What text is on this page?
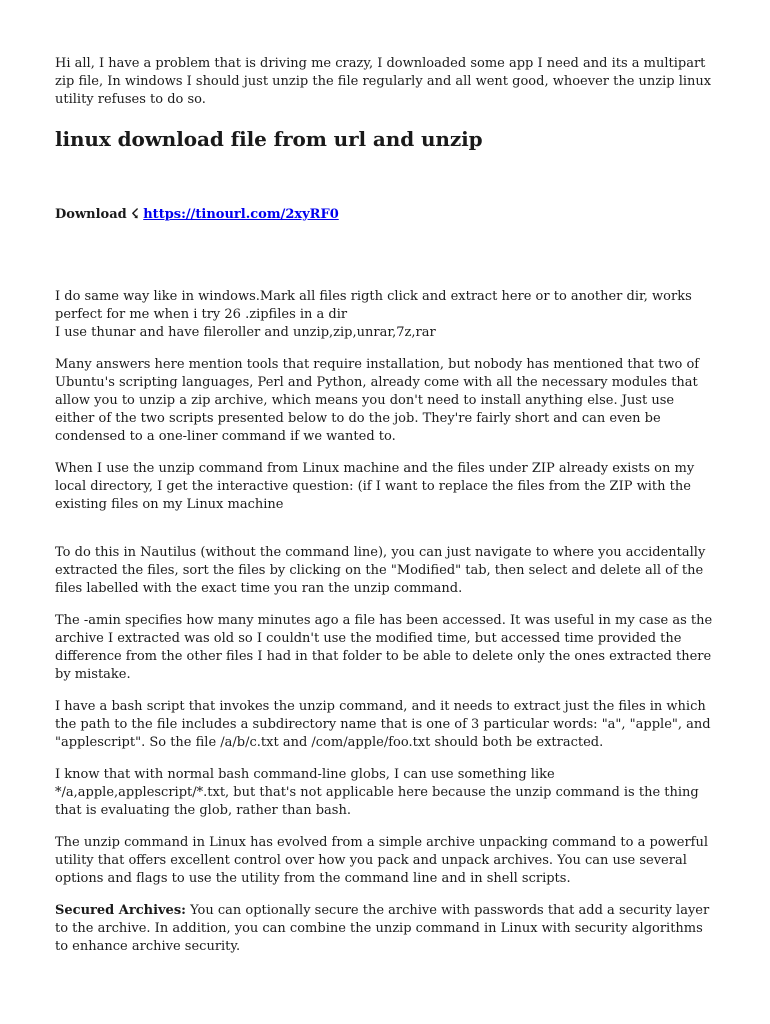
Hi all, I have a problem that is driving me crazy, I downloaded some app I need and its a multipart zip file, In windows I should just unzip the file regularly and all went good, whoever the unzip linux utility refuses to do so.

linux download file from url and unzip

Download ☇ https://tinourl.com/2xyRF0

I do same way like in windows.Mark all files rigth click and extract here or to another dir, works perfect for me when i try 26 .zipfiles in a dir
I use thunar and have fileroller and unzip,zip,unrar,7z,rar

Many answers here mention tools that require installation, but nobody has mentioned that two of Ubuntu's scripting languages, Perl and Python, already come with all the necessary modules that allow you to unzip a zip archive, which means you don't need to install anything else. Just use either of the two scripts presented below to do the job. They're fairly short and can even be condensed to a one-liner command if we wanted to.

When I use the unzip command from Linux machine and the files under ZIP already exists on my local directory, I get the interactive question: (if I want to replace the files from the ZIP with the existing files on my Linux machine

To do this in Nautilus (without the command line), you can just navigate to where you accidentally extracted the files, sort the files by clicking on the "Modified" tab, then select and delete all of the files labelled with the exact time you ran the unzip command.

The -amin specifies how many minutes ago a file has been accessed. It was useful in my case as the archive I extracted was old so I couldn't use the modified time, but accessed time provided the difference from the other files I had in that folder to be able to delete only the ones extracted there by mistake.

I have a bash script that invokes the unzip command, and it needs to extract just the files in which the path to the file includes a subdirectory name that is one of 3 particular words: "a", "apple", and "applescript". So the file /a/b/c.txt and /com/apple/foo.txt should both be extracted.

I know that with normal bash command-line globs, I can use something like */a,apple,applescript/*.txt, but that's not applicable here because the unzip command is the thing that is evaluating the glob, rather than bash.

The unzip command in Linux has evolved from a simple archive unpacking command to a powerful utility that offers excellent control over how you pack and unpack archives. You can use several options and flags to use the utility from the command line and in shell scripts.

Secured Archives: You can optionally secure the archive with passwords that add a security layer to the archive. In addition, you can combine the unzip command in Linux with security algorithms to enhance archive security.
